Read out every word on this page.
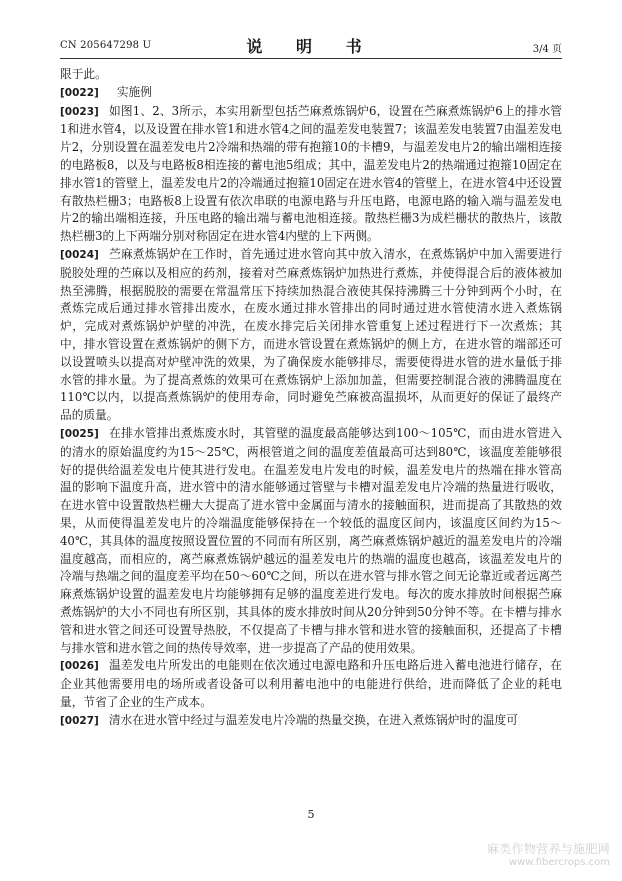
CN 205647298 U	说 明 书	3/4 页

限于此。

[0022] 实施例

[0023] 如图1、2、3所示，本实用新型包括苎麻煮炼锅炉6，设置在苎麻煮炼锅炉6上的排水管1和进水管4，以及设置在排水管1和进水管4之间的温差发电装置7；该温差发电装置7由温差发电片2，分别设置在温差发电片2冷端和热端的带有抱箍10的卡槽9，与温差发电片2的输出端相连接的电路板8，以及与电路板8相连接的蓄电池5组成；其中，温差发电片2的热端通过抱箍10固定在排水管1的管壁上，温差发电片2的冷端通过抱箍10固定在进水管4的管壁上，在进水管4中还设置有散热栏栅3；电路板8上设置有依次串联的电源电路与升压电路，电源电路的输入端与温差发电片2的输出端相连接，升压电路的输出端与蓄电池相连接。散热栏栅3为成栏栅状的散热片，该散热栏栅3的上下两端分别对称固定在进水管4内壁的上下两侧。

[0024] 苎麻煮炼锅炉在工作时，首先通过进水管向其中放入清水，在煮炼锅炉中加入需要进行脱胶处理的苎麻以及相应的药剂，接着对苎麻煮炼锅炉加热进行煮炼，并使得混合后的液体被加热至沸腾，根据脱胶的需要在常温常压下持续加热混合液使其保持沸腾三十分钟到两个小时，在煮炼完成后通过排水管排出废水，在废水通过排水管排出的同时通过进水管使清水进入煮炼锅炉，完成对煮炼锅炉炉壁的冲洗，在废水排完后关闭排水管重复上述过程进行下一次煮炼；其中，排水管设置在煮炼锅炉的侧下方，而进水管设置在煮炼锅炉的侧上方，在进水管的端部还可以设置喷头以提高对炉壁冲洗的效果，为了确保废水能够排尽，需要使得进水管的进水量低于排水管的排水量。为了提高煮炼的效果可在煮炼锅炉上添加加盖，但需要控制混合液的沸腾温度在110℃以内，以提高煮炼锅炉的使用寿命，同时避免苎麻被高温损坏，从而更好的保证了最终产品的质量。

[0025] 在排水管排出煮炼废水时，其管壁的温度最高能够达到100～105℃，而由进水管进入的清水的原始温度约为15～25℃，两根管道之间的温度差值最高可达到80℃，该温度差能够很好的提供给温差发电片使其进行发电。在温差发电片发电的时候，温差发电片的热端在排水管高温的影响下温度升高，进水管中的清水能够通过管壁与卡槽对温差发电片冷端的热量进行吸收，在进水管中设置散热栏栅大大提高了进水管中金属面与清水的接触面积，进而提高了其散热的效果，从而使得温差发电片的冷端温度能够保持在一个较低的温度区间内，该温度区间约为15～40℃，其具体的温度按照设置位置的不同而有所区别，离苎麻煮炼锅炉越近的温差发电片的冷端温度越高，而相应的，离苎麻煮炼锅炉越远的温差发电片的热端的温度也越高，该温差发电片的冷端与热端之间的温度差平均在50～60℃之间，所以在进水管与排水管之间无论靠近或者远离苎麻煮炼锅炉设置的温差发电片均能够拥有足够的温度差进行发电。每次的废水排放时间根据苎麻煮炼锅炉的大小不同也有所区别，其具体的废水排放时间从20分钟到50分钟不等。在卡槽与排水管和进水管之间还可设置导热胶，不仅提高了卡槽与排水管和进水管的接触面积，还提高了卡槽与排水管和进水管之间的热传导效率，进一步提高了产品的使用效果。

[0026] 温差发电片所发出的电能则在依次通过电源电路和升压电路后进入蓄电池进行储存，在企业其他需要用电的场所或者设备可以利用蓄电池中的电能进行供给，进而降低了企业的耗电量，节省了企业的生产成本。

[0027] 清水在进水管中经过与温差发电片冷端的热量交换，在进入煮炼锅炉时的温度可

5
麻类作物营养与施肥网
www.fibercrops.com
